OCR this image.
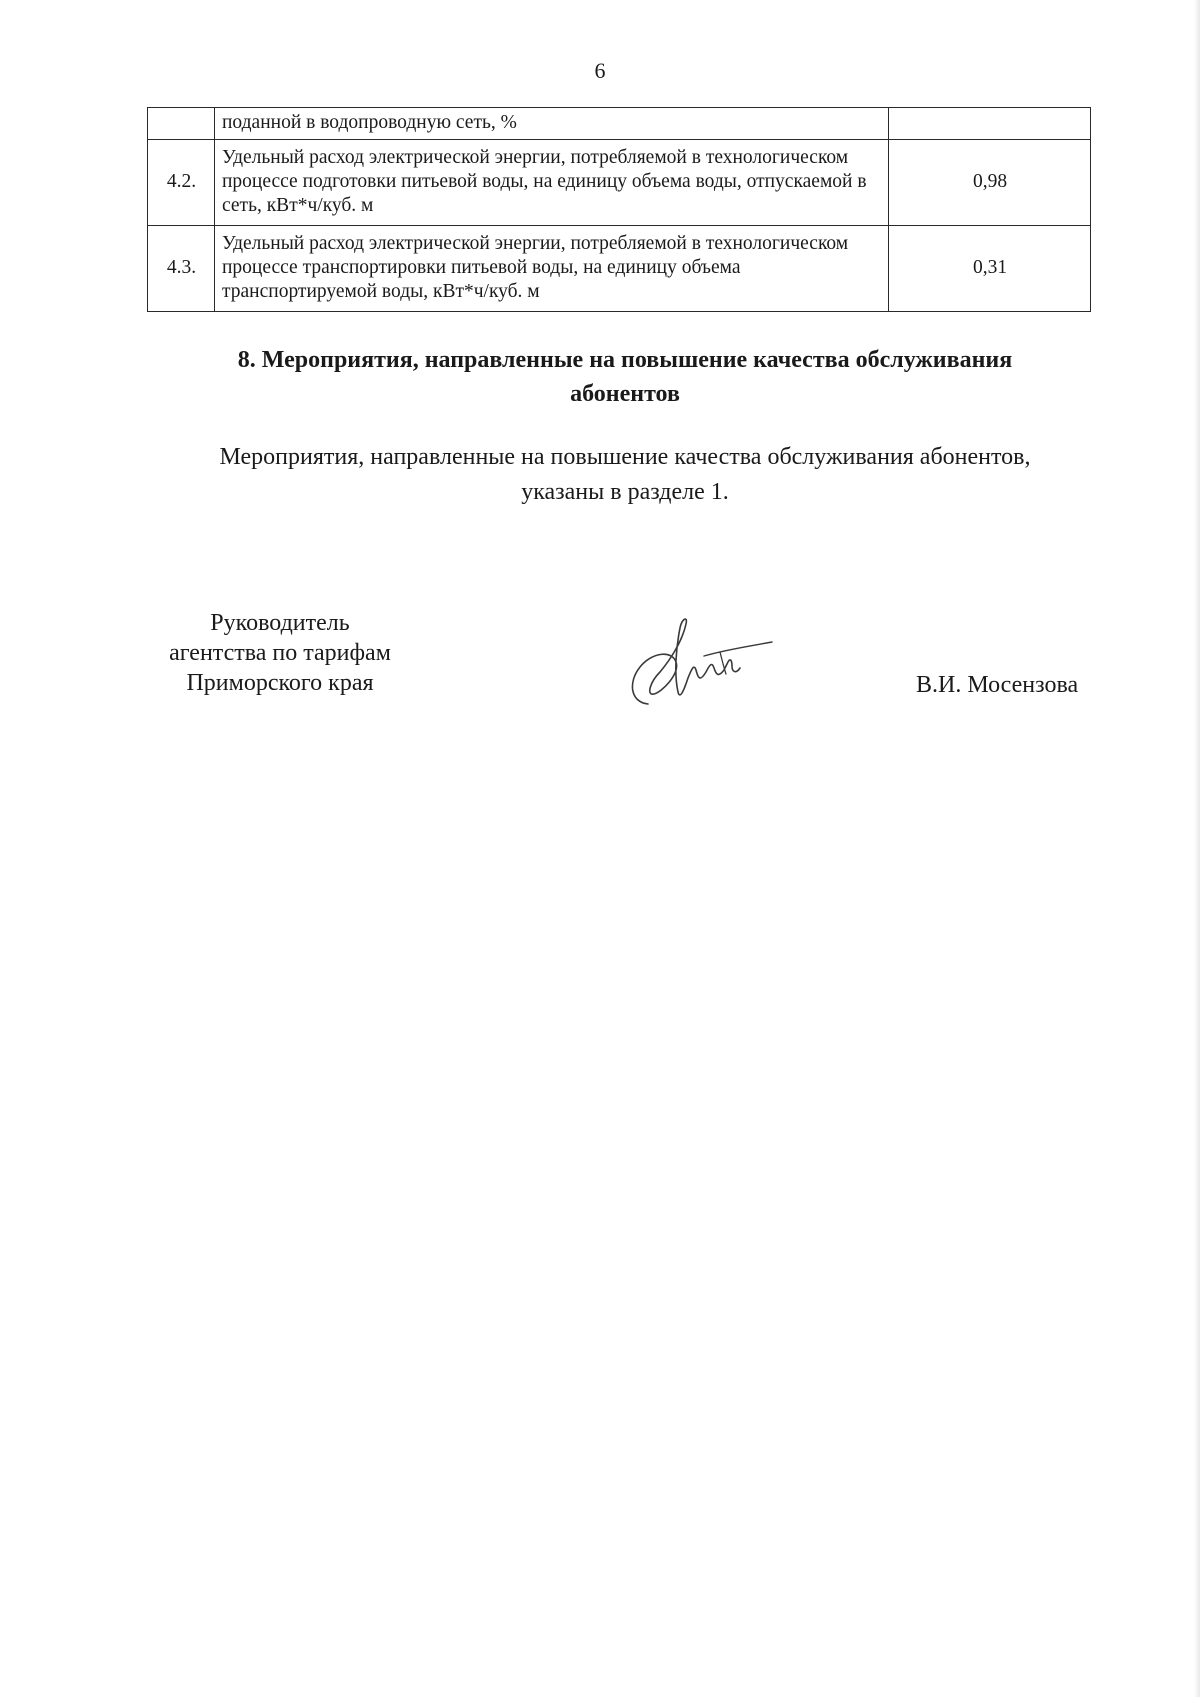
6
	поданной в водопроводную сеть, %	
4.2.	Удельный расход электрической энергии, потребляемой в технологическом процессе подготовки питьевой воды, на единицу объема воды, отпускаемой в сеть, кВт*ч/куб. м	0,98
4.3.	Удельный расход электрической энергии, потребляемой в технологическом процессе транспортировки питьевой воды, на единицу объема транспортируемой воды, кВт*ч/куб. м	0,31
8. Мероприятия, направленные на повышение качества обслуживания
абонентов
Мероприятия, направленные на повышение качества обслуживания абонентов,
указаны в разделе 1.
Руководитель
агентства по тарифам
Приморского края	В.И. Мосензова
